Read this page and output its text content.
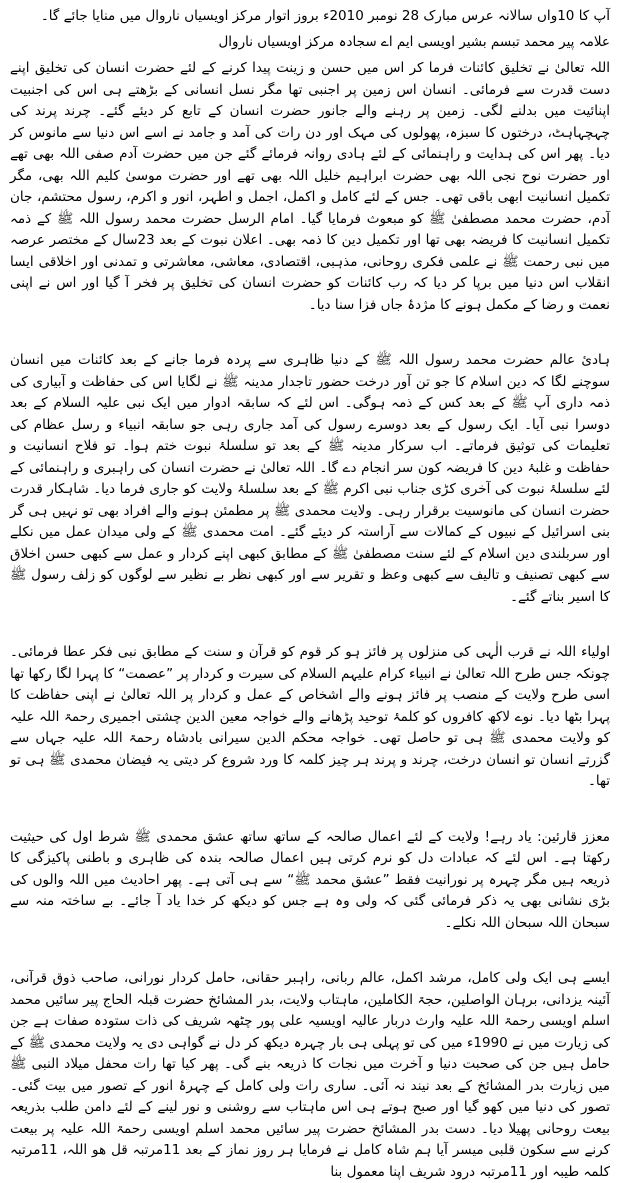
آپ کا 10واں سالانہ عرس مبارک 28 نومبر 2010ء بروز اتوار مرکز اویسیاں ناروال میں منایا جائے گا۔
علامہ پیر محمد تبسم بشیر اویسی ایم اے سجادہ مرکز اویسیاں ناروال

اللہ تعالیٰ نے تخلیق کائنات فرما کر اس میں حسن و زینت پیدا کرنے کے لئے حضرت انسان کی تخلیق اپنے دست قدرت سے فرمائی۔ انسان اس زمین پر اجنبی تھا مگر نسل انسانی کے بڑھتے ہی اس کی اجنبیت اپنائیت میں بدلنے لگی۔ زمین پر رہنے والے جانور حضرت انسان کے تابع کر دیئے گئے۔ چرند پرند کی چہچہاہٹ، درختوں کا سبزہ، پھولوں کی مہک اور دن رات کی آمد و جامد نے اسے اس دنیا سے مانوس کر دیا۔ پھر اس کی ہدایت و راہنمائی کے لئے ہادی روانہ فرمائے گئے جن میں حضرت آدم صفی اللہ بھی تھے اور حضرت نوح نجی اللہ بھی حضرت ابراہیم خلیل اللہ بھی تھے اور حضرت موسیٰ کلیم اللہ بھی، مگر تکمیل انسانیت ابھی باقی تھی۔ جس کے لئے کامل و اکمل، اجمل و اطہر، انور و اکرم، رسول محتشم، جان آدم، حضرت محمد مصطفیٰ ﷺ کو مبعوث فرمایا گیا۔ امام الرسل حضرت محمد رسول اللہ ﷺ کے ذمہ تکمیل انسانیت کا فریضہ بھی تھا اور تکمیل دین کا ذمہ بھی۔ اعلان نبوت کے بعد 23سال کے مختصر عرصہ میں نبی رحمت ﷺ نے علمی فکری روحانی، مذہبی، اقتصادی، معاشی، معاشرتی و تمدنی اور اخلاقی ایسا انقلاب اس دنیا میں برپا کر دیا کہ رب کائنات کو حضرت انسان کی تخلیق پر فخر آ گیا اور اس نے اپنی نعمت و رضا کے مکمل ہونے کا مژدۂ جاں فزا سنا دیا۔

ہادیٔ عالم حضرت محمد رسول اللہ ﷺ کے دنیا ظاہری سے پردہ فرما جانے کے بعد کائنات میں انسان سوچنے لگا کہ دین اسلام کا جو تن آور درخت حضور تاجدار مدینہ ﷺ نے لگایا اس کی حفاظت و آبیاری کی ذمہ داری آپ ﷺ کے بعد کس کے ذمہ ہوگی۔ اس لئے کہ سابقہ ادوار میں ایک نبی علیہ السلام کے بعد دوسرا نبی آیا۔ ایک رسول کے بعد دوسرے رسول کی آمد جاری رہی جو سابقہ انبیاء و رسل عظام کی تعلیمات کی توثیق فرماتے۔ اب سرکار مدینہ ﷺ کے بعد تو سلسلۂ نبوت ختم ہوا۔ تو فلاح انسانیت و حفاظت و غلبۂ دین کا فریضہ کون سر انجام دے گا۔ اللہ تعالیٰ نے حضرت انسان کی راہبری و راہنمائی کے لئے سلسلۂ نبوت کی آخری کڑی جناب نبی اکرم ﷺ کے بعد سلسلۂ ولایت کو جاری فرما دیا۔ شاہکار قدرت حضرت انسان کی مانوسیت برقرار رہی۔ ولایت محمدی ﷺ پر مطمئن ہونے والے افراد بھی تو نہیں ہی گر بنی اسرائیل کے نبیوں کے کمالات سے آراستہ کر دیئے گئے۔ امت محمدی ﷺ کے ولی میدان عمل میں نکلے اور سربلندی دین اسلام کے لئے سنت مصطفیٰ ﷺ کے مطابق کبھی اپنے کردار و عمل سے کبھی حسن اخلاق سے کبھی تصنیف و تالیف سے کبھی وعظ و تقریر سے اور کبھی نظر بے نظیر سے لوگوں کو زلف رسول ﷺ کا اسیر بناتے گئے۔

اولیاء اللہ نے قرب الٰہی کی منزلوں پر فائز ہو کر قوم کو قرآن و سنت کے مطابق نبی فکر عطا فرمائی۔ چونکہ جس طرح اللہ تعالیٰ نے انبیاء کرام علیہم السلام کی سیرت و کردار پر ”عصمت“ کا پہرا لگا رکھا تھا اسی طرح ولایت کے منصب پر فائز ہونے والے اشخاص کے عمل و کردار پر اللہ تعالیٰ نے اپنی حفاظت کا پہرا بٹھا دیا۔ نوے لاکھ کافروں کو کلمۂ توحید پڑھانے والے خواجہ معین الدین چشتی اجمیری رحمۃ اللہ علیہ کو ولایت محمدی ﷺ ہی تو حاصل تھی۔ خواجہ محکم الدین سیرانی بادشاہ رحمۃ اللہ علیہ جہاں سے گزرتے انسان تو انسان درخت، چرند و پرند ہر چیز کلمہ کا ورد شروع کر دیتی یہ فیضان محمدی ﷺ ہی تو تھا۔

معزز قارئین: یاد رہے! ولایت کے لئے اعمال صالحہ کے ساتھ ساتھ عشق محمدی ﷺ شرط اول کی حیثیت رکھتا ہے۔ اس لئے کہ عبادات دل کو نرم کرتی ہیں اعمال صالحہ بندہ کی ظاہری و باطنی پاکیزگی کا ذریعہ ہیں مگر چہرہ پر نورانیت فقط ”عشق محمد ﷺ“ سے ہی آتی ہے۔ پھر احادیث میں اللہ والوں کی بڑی نشانی بھی یہ ذکر فرمائی گئی کہ ولی وہ ہے جس کو دیکھ کر خدا یاد آ جائے۔ بے ساختہ منہ سے سبحان اللہ سبحان اللہ نکلے۔

ایسے ہی ایک ولی کامل، مرشد اکمل، عالم ربانی، راہبر حقانی، حامل کردار نورانی، صاحب ذوق قرآنی، آئینہ یزدانی، برہان الواصلین، حجۃ الکاملین، ماہتاب ولایت، بدر المشائخ حضرت قبلہ الحاج پیر سائیں محمد اسلم اویسی رحمۃ اللہ علیہ وارث دربار عالیہ اویسیہ علی پور چٹھہ شریف کی ذات ستودہ صفات ہے جن کی زیارت میں نے 1990ء میں کی تو پہلی ہی بار چہرہ دیکھ کر دل نے گواہی دی یہ ولایت محمدی ﷺ کے حامل ہیں جن کی صحبت دنیا و آخرت میں نجات کا ذریعہ بنے گی۔ پھر کیا تھا رات محفل میلاد النبی ﷺ میں زیارت بدر المشائخ کے بعد نیند نہ آئی۔ ساری رات ولی کامل کے چہرۂ انور کے تصور میں بیت گئی۔ تصور کی دنیا میں کھو گیا اور صبح ہوتے ہی اس ماہتاب سے روشنی و نور لینے کے لئے دامن طلب بذریعہ بیعت روحانی پھیلا دیا۔ دست بدر المشائخ حضرت پیر سائیں محمد اسلم اویسی رحمۃ اللہ علیہ پر بیعت کرنے سے سکون قلبی میسر آیا ہم شاہ کامل نے فرمایا ہر روز نماز کے بعد 11مرتبہ قل ھو اللہ، 11مرتبہ کلمہ طیبہ اور 11مرتبہ درود شریف اپنا معمول بنا
